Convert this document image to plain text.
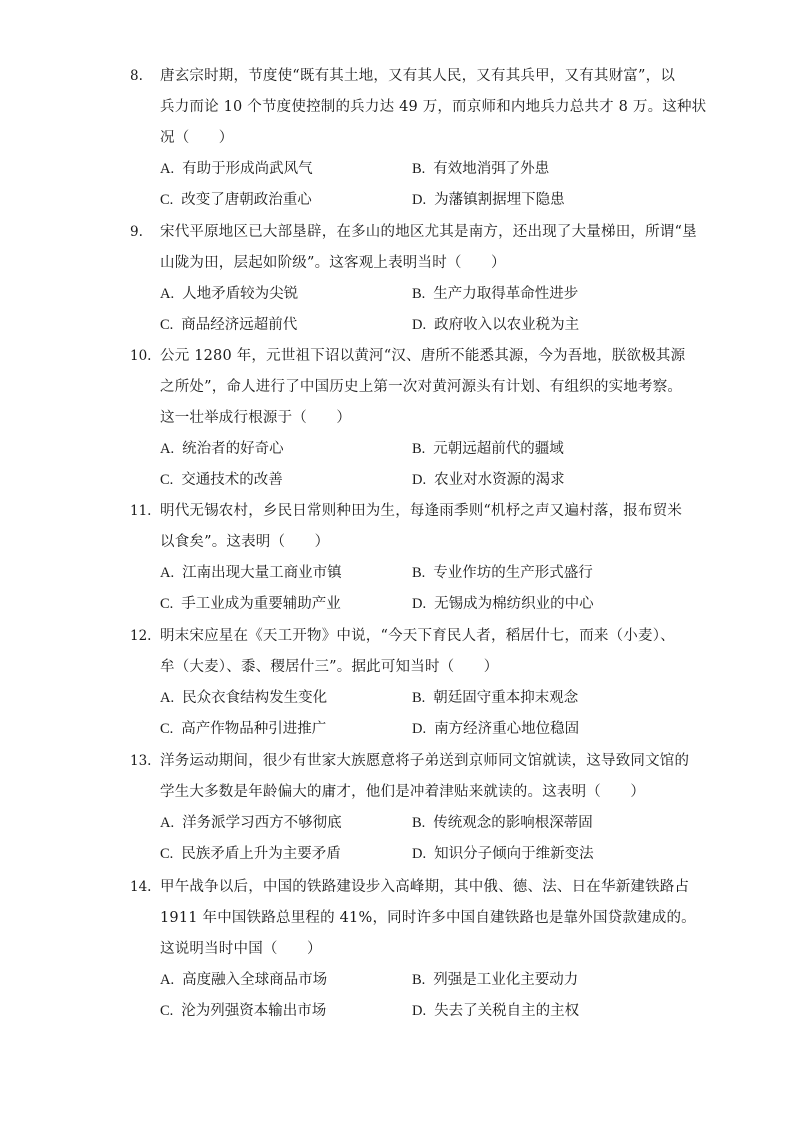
8.	唐玄宗时期，节度使“既有其土地，又有其人民，又有其兵甲，又有其财富”，以
兵力而论 10 个节度使控制的兵力达 49 万，而京师和内地兵力总共才 8 万。这种状
况（　　）
A. 有助于形成尚武风气	B. 有效地消弭了外患
C. 改变了唐朝政治重心	D. 为藩镇割据埋下隐患
9.	宋代平原地区已大部垦辟，在多山的地区尤其是南方，还出现了大量梯田，所谓“垦
山陇为田，层起如阶级”。这客观上表明当时（　　）
A. 人地矛盾较为尖锐	B. 生产力取得革命性进步
C. 商品经济远超前代	D. 政府收入以农业税为主
10. 公元 1280 年，元世祖下诏以黄河“汉、唐所不能悉其源，今为吾地，朕欲极其源
之所处”，命人进行了中国历史上第一次对黄河源头有计划、有组织的实地考察。
这一壮举成行根源于（　　）
A. 统治者的好奇心	B. 元朝远超前代的疆域
C. 交通技术的改善	D. 农业对水资源的渴求
11. 明代无锡农村，乡民日常则种田为生，每逢雨季则“机杼之声又遍村落，报布贸米
以食矣”。这表明（　　）
A. 江南出现大量工商业市镇	B. 专业作坊的生产形式盛行
C. 手工业成为重要辅助产业	D. 无锡成为棉纺织业的中心
12. 明末宋应星在《天工开物》中说，“今天下育民人者，稻居什七，而来（小麦）、
牟（大麦）、黍、稷居什三”。据此可知当时（　　）
A. 民众衣食结构发生变化	B. 朝廷固守重本抑末观念
C. 高产作物品种引进推广	D. 南方经济重心地位稳固
13. 洋务运动期间，很少有世家大族愿意将子弟送到京师同文馆就读，这导致同文馆的
学生大多数是年龄偏大的庸才，他们是冲着津贴来就读的。这表明（　　）
A. 洋务派学习西方不够彻底	B. 传统观念的影响根深蒂固
C. 民族矛盾上升为主要矛盾	D. 知识分子倾向于维新变法
14. 甲午战争以后，中国的铁路建设步入高峰期，其中俄、德、法、日在华新建铁路占
1911 年中国铁路总里程的 41%，同时许多中国自建铁路也是靠外国贷款建成的。
这说明当时中国（　　）
A. 高度融入全球商品市场	B. 列强是工业化主要动力
C. 沦为列强资本输出市场	D. 失去了关税自主的主权
